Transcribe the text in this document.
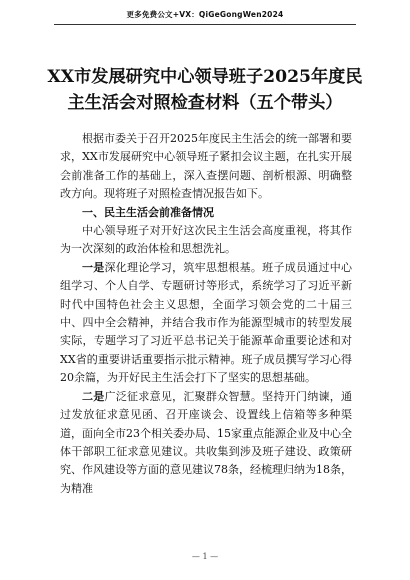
更多免费公文+VX：QiGeGongWen2024
XX市发展研究中心领导班子2025年度民主生活会对照检查材料（五个带头）

根据市委关于召开2025年度民主生活会的统一部署和要求，XX市发展研究中心领导班子紧扣会议主题，在扎实开展会前准备工作的基础上，深入查摆问题、剖析根源、明确整改方向。现将班子对照检查情况报告如下。

一、民主生活会前准备情况

中心领导班子对开好这次民主生活会高度重视，将其作为一次深刻的政治体检和思想洗礼。

一是深化理论学习，筑牢思想根基。班子成员通过中心组学习、个人自学、专题研讨等形式，系统学习了习近平新时代中国特色社会主义思想，全面学习领会党的二十届三中、四中全会精神，并结合我市作为能源型城市的转型发展实际，专题学习了习近平总书记关于能源革命重要论述和对XX省的重要讲话重要指示批示精神。班子成员撰写学习心得20余篇，为开好民主生活会打下了坚实的思想基础。

二是广泛征求意见，汇聚群众智慧。坚持开门纳谏，通过发放征求意见函、召开座谈会、设置线上信箱等多种渠道，面向全市23个相关委办局、15家重点能源企业及中心全体干部职工征求意见建议。共收集到涉及班子建设、政策研究、作风建设等方面的意见建议78条，经梳理归纳为18条，为精准

— 1 —
